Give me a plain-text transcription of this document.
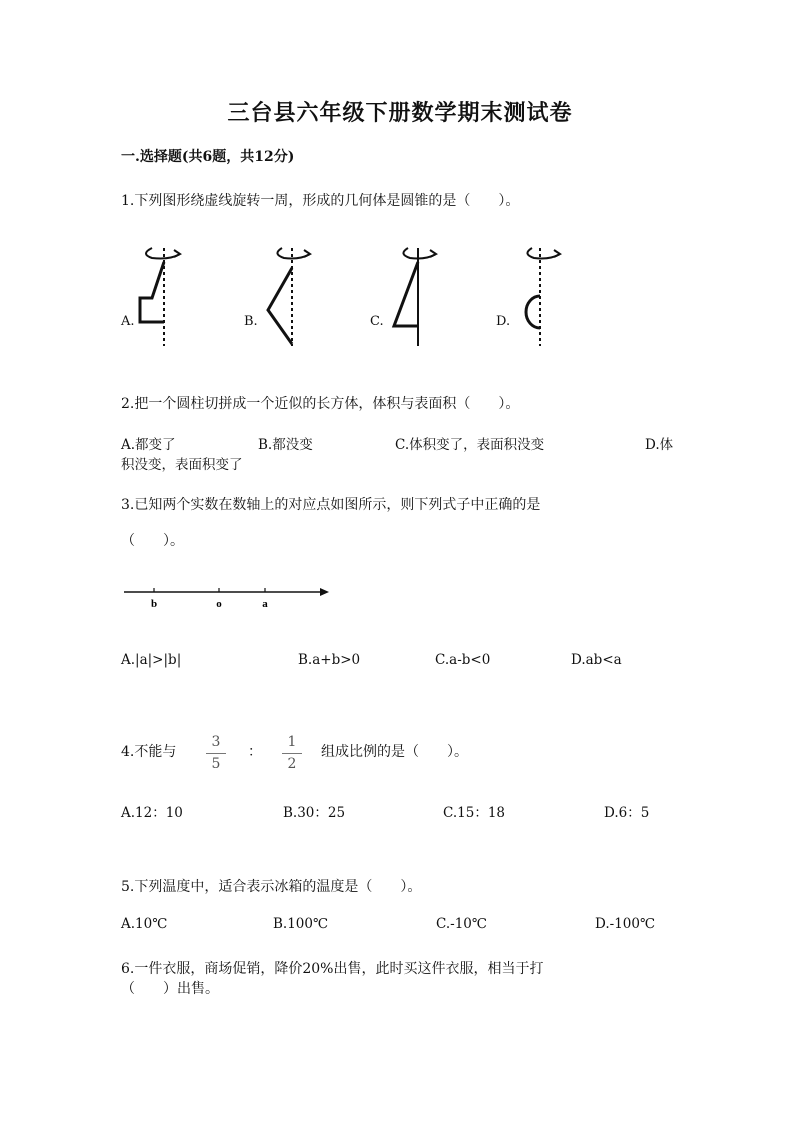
三台县六年级下册数学期末测试卷
一.选择题(共6题，共12分)
1.下列图形绕虚线旋转一周，形成的几何体是圆锥的是（　　）。
A.	B.	C.	D.
2.把一个圆柱切拼成一个近似的长方体，体积与表面积（　　）。
A.都变了	B.都没变	C.体积变了，表面积没变	D.体
积没变，表面积变了
3.已知两个实数在数轴上的对应点如图所示，则下列式子中正确的是
（　　）。
b	o	a
A.|a|>|b|	B.a+b>0	C.a-b<0	D.ab<a
4.不能与
3
5
：
1
2
组成比例的是（　　）。
A.12：10	B.30：25	C.15：18	D.6：5
5.下列温度中，适合表示冰箱的温度是（　　）。
A.10℃	B.100℃	C.-10℃	D.-100℃
6.一件衣服，商场促销，降价20%出售，此时买这件衣服，相当于打
（　　）出售。
